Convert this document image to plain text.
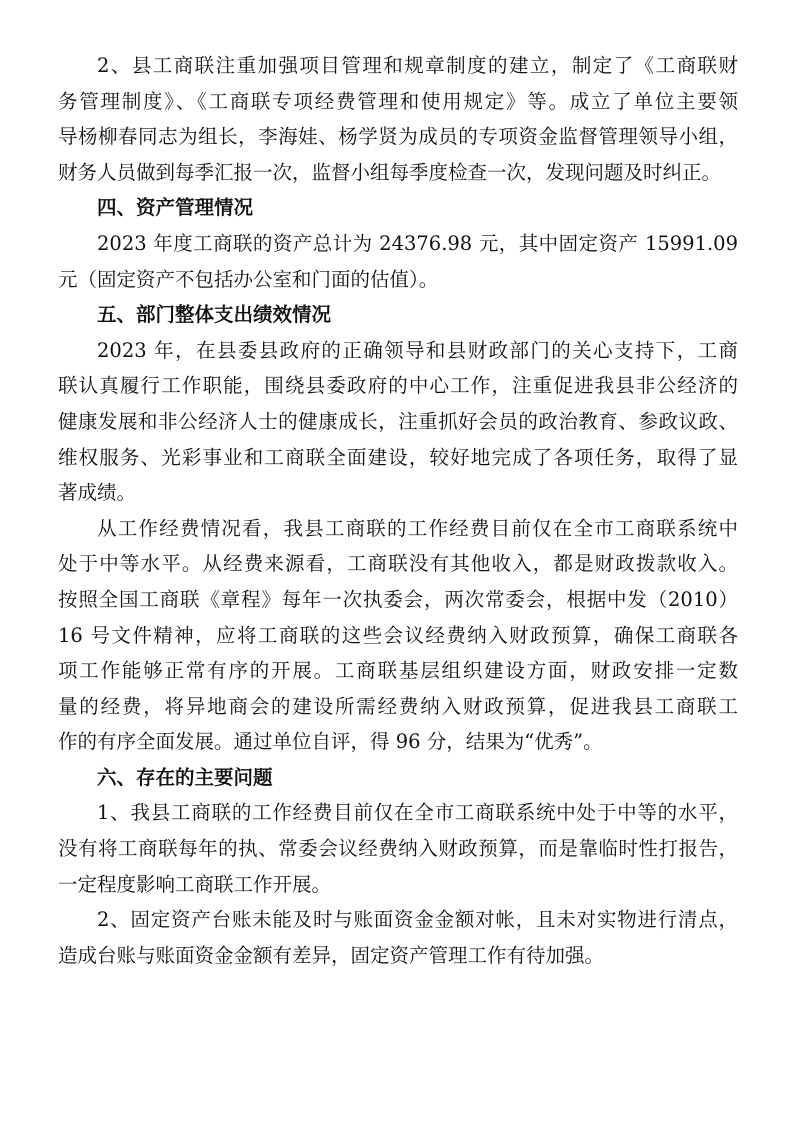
2、县工商联注重加强项目管理和规章制度的建立，制定了《工商联财
务管理制度》、《工商联专项经费管理和使用规定》等。成立了单位主要领
导杨柳春同志为组长，李海娃、杨学贤为成员的专项资金监督管理领导小组，
财务人员做到每季汇报一次，监督小组每季度检查一次，发现问题及时纠正。
四、资产管理情况
2023 年度工商联的资产总计为 24376.98 元，其中固定资产 15991.09
元（固定资产不包括办公室和门面的估值）。
五、部门整体支出绩效情况
2023 年，在县委县政府的正确领导和县财政部门的关心支持下，工商
联认真履行工作职能，围绕县委政府的中心工作，注重促进我县非公经济的
健康发展和非公经济人士的健康成长，注重抓好会员的政治教育、参政议政、
维权服务、光彩事业和工商联全面建设，较好地完成了各项任务，取得了显
著成绩。
从工作经费情况看，我县工商联的工作经费目前仅在全市工商联系统中
处于中等水平。从经费来源看，工商联没有其他收入，都是财政拨款收入。
按照全国工商联《章程》每年一次执委会，两次常委会，根据中发（2010）
16 号文件精神，应将工商联的这些会议经费纳入财政预算，确保工商联各
项工作能够正常有序的开展。工商联基层组织建设方面，财政安排一定数
量的经费，将异地商会的建设所需经费纳入财政预算，促进我县工商联工
作的有序全面发展。通过单位自评，得 96 分，结果为“优秀”。
六、存在的主要问题
1、我县工商联的工作经费目前仅在全市工商联系统中处于中等的水平，
没有将工商联每年的执、常委会议经费纳入财政预算，而是靠临时性打报告，
一定程度影响工商联工作开展。
2、固定资产台账未能及时与账面资金金额对帐，且未对实物进行清点，
造成台账与账面资金金额有差异，固定资产管理工作有待加强。
